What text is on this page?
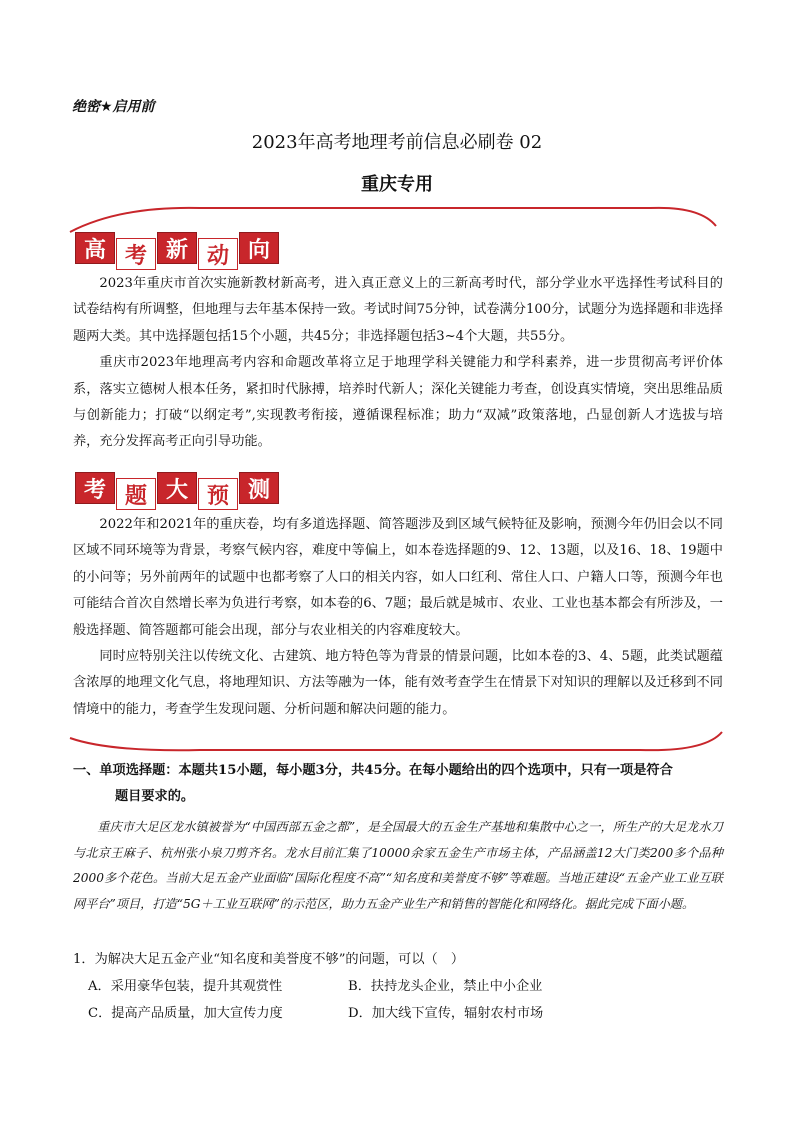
绝密★启用前
2023年高考地理考前信息必刷卷 02
重庆专用
高 考 新 动 向

2023年重庆市首次实施新教材新高考，进入真正意义上的三新高考时代，部分学业水平选择性考试科目的试卷结构有所调整，但地理与去年基本保持一致。考试时间75分钟，试卷满分100分，试题分为选择题和非选择题两大类。其中选择题包括15个小题，共45分；非选择题包括3~4个大题，共55分。

重庆市2023年地理高考内容和命题改革将立足于地理学科关键能力和学科素养，进一步贯彻高考评价体系，落实立德树人根本任务，紧扣时代脉搏，培养时代新人；深化关键能力考查，创设真实情境，突出思维品质与创新能力；打破“以纲定考”,实现教考衔接，遵循课程标准；助力“双减”政策落地，凸显创新人才选拔与培养，充分发挥高考正向引导功能。

考 题 大 预 测

2022年和2021年的重庆卷，均有多道选择题、简答题涉及到区域气候特征及影响，预测今年仍旧会以不同区域不同环境等为背景，考察气候内容，难度中等偏上，如本卷选择题的9、12、13题，以及16、18、19题中的小问等；另外前两年的试题中也都考察了人口的相关内容，如人口红利、常住人口、户籍人口等，预测今年也可能结合首次自然增长率为负进行考察，如本卷的6、7题；最后就是城市、农业、工业也基本都会有所涉及，一般选择题、简答题都可能会出现，部分与农业相关的内容难度较大。

同时应特别关注以传统文化、古建筑、地方特色等为背景的情景问题，比如本卷的3、4、5题，此类试题蕴含浓厚的地理文化气息，将地理知识、方法等融为一体，能有效考查学生在情景下对知识的理解以及迁移到不同情境中的能力，考查学生发现问题、分析问题和解决问题的能力。

一、单项选择题：本题共15小题，每小题3分，共45分。在每小题给出的四个选项中，只有一项是符合
题目要求的。

重庆市大足区龙水镇被誉为“中国西部五金之都”，是全国最大的五金生产基地和集散中心之一，所生产的大足龙水刀与北京王麻子、杭州张小泉刀剪齐名。龙水目前汇集了10000余家五金生产市场主体，产品涵盖12大门类200多个品种2000多个花色。当前大足五金产业面临“国际化程度不高”“知名度和美誉度不够”等难题。当地正建设“五金产业工业互联网平台”项目，打造“5G＋工业互联网”的示范区，助力五金产业生产和销售的智能化和网络化。据此完成下面小题。

1．为解决大足五金产业“知名度和美誉度不够”的问题，可以（　）
A．采用豪华包装，提升其观赏性	B．扶持龙头企业，禁止中小企业
C．提高产品质量，加大宣传力度	D．加大线下宣传，辐射农村市场
